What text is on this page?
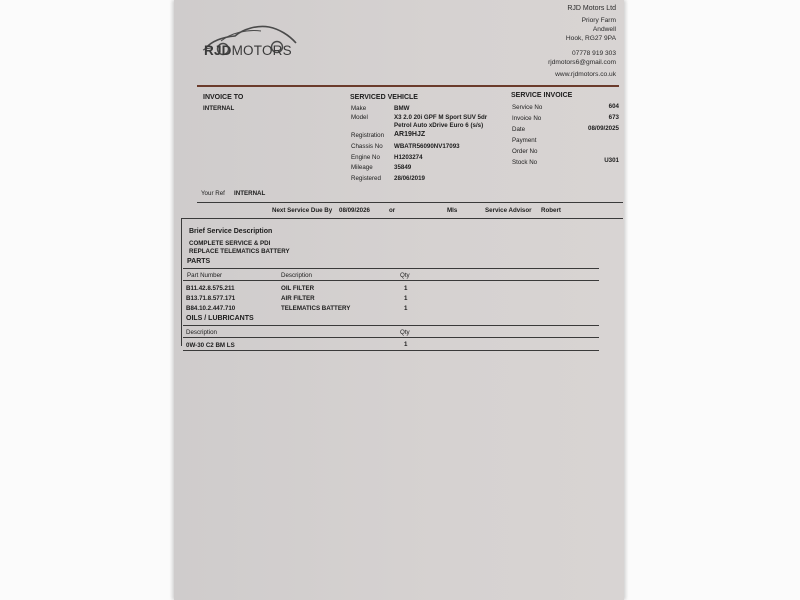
RJDMOTORS
RJD Motors Ltd
Priory Farm
Andwell
Hook, RG27 9PA
07778 919 303
rjdmotors6@gmail.com
www.rjdmotors.co.uk
INVOICE TO
INTERNAL
Your Ref INTERNAL
SERVICED VEHICLE
Make	BMW
Model	X3 2.0 20i GPF M Sport SUV 5dr
Petrol Auto xDrive Euro 6 (s/s)
Registration AR19HJZ
Chassis No WBATR56090NV17093
Engine No H1203274
Mileage	35849
Registered 28/06/2019
SERVICE INVOICE
Service No	604
Invoice No	673
Date	08/09/2025
Payment
Order No
Stock No	U301
Next Service Due By 08/09/2026	or	Mls	Service Advisor Robert
Brief Service Description
COMPLETE SERVICE & PDI
REPLACE TELEMATICS BATTERY
PARTS
Part Number	Description	Qty
B11.42.8.575.211	OIL FILTER	1
B13.71.8.577.171	AIR FILTER	1
B84.10.2.447.710	TELEMATICS BATTERY	1
OILS / LUBRICANTS
Description	Qty
0W-30 C2 BM LS	1
